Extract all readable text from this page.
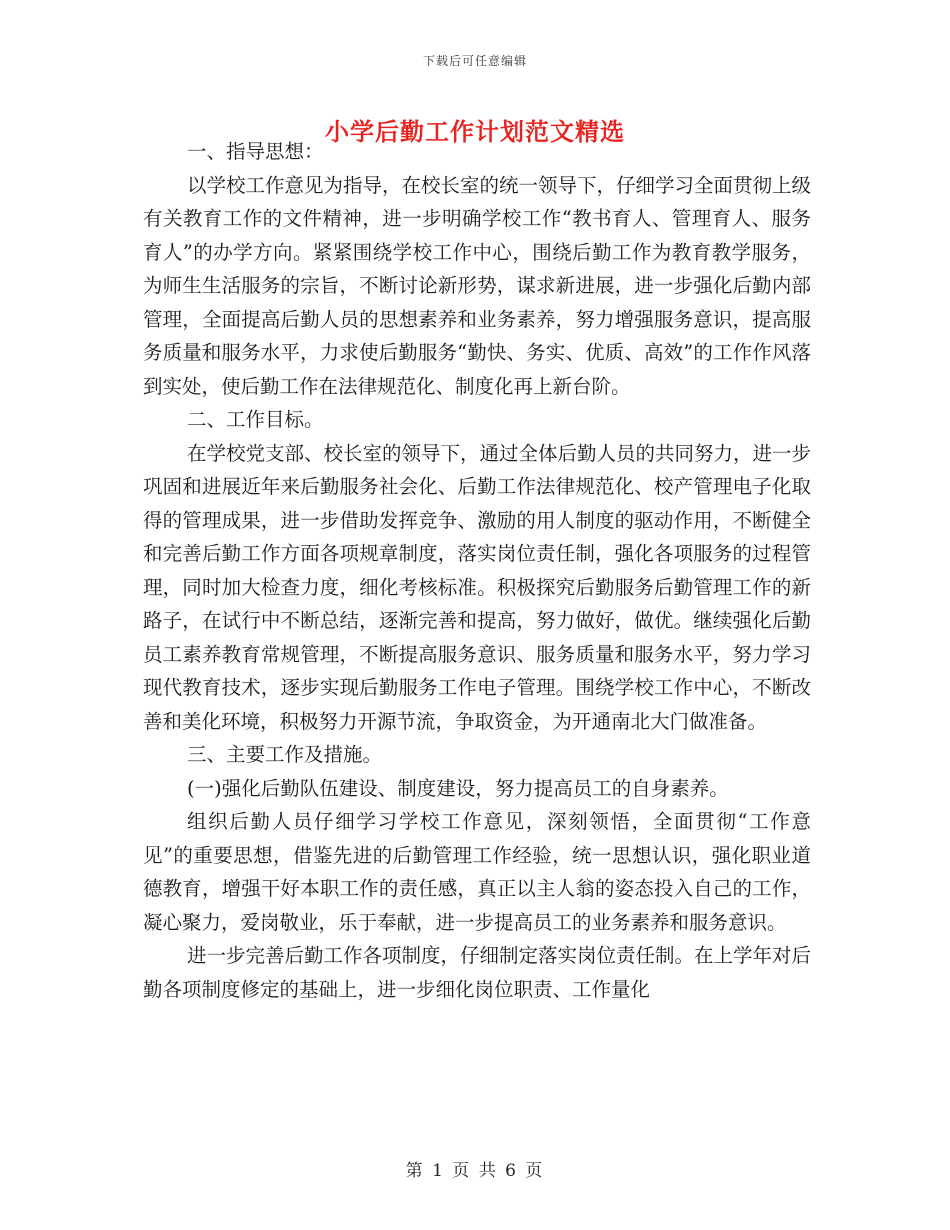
下载后可任意编辑
小学后勤工作计划范文精选

一、指导思想：

以学校工作意见为指导，在校长室的统一领导下，仔细学习全面贯彻上级有关教育工作的文件精神，进一步明确学校工作“教书育人、管理育人、服务育人”的办学方向。紧紧围绕学校工作中心，围绕后勤工作为教育教学服务，为师生生活服务的宗旨，不断讨论新形势，谋求新进展，进一步强化后勤内部管理，全面提高后勤人员的思想素养和业务素养，努力增强服务意识，提高服务质量和服务水平，力求使后勤服务“勤快、务实、优质、高效”的工作作风落到实处，使后勤工作在法律规范化、制度化再上新台阶。

二、工作目标。

在学校党支部、校长室的领导下，通过全体后勤人员的共同努力，进一步巩固和进展近年来后勤服务社会化、后勤工作法律规范化、校产管理电子化取得的管理成果，进一步借助发挥竞争、激励的用人制度的驱动作用，不断健全和完善后勤工作方面各项规章制度，落实岗位责任制，强化各项服务的过程管理，同时加大检查力度，细化考核标准。积极探究后勤服务后勤管理工作的新路子，在试行中不断总结，逐渐完善和提高，努力做好，做优。继续强化后勤员工素养教育常规管理，不断提高服务意识、服务质量和服务水平，努力学习现代教育技术，逐步实现后勤服务工作电子管理。围绕学校工作中心，不断改善和美化环境，积极努力开源节流，争取资金，为开通南北大门做准备。

三、主要工作及措施。

(一)强化后勤队伍建设、制度建设，努力提高员工的自身素养。

组织后勤人员仔细学习学校工作意见，深刻领悟，全面贯彻“工作意见”的重要思想，借鉴先进的后勤管理工作经验，统一思想认识，强化职业道德教育，增强干好本职工作的责任感，真正以主人翁的姿态投入自己的工作，凝心聚力，爱岗敬业，乐于奉献，进一步提高员工的业务素养和服务意识。

进一步完善后勤工作各项制度，仔细制定落实岗位责任制。在上学年对后勤各项制度修定的基础上，进一步细化岗位职责、工作量化

第 1 页 共 6 页
